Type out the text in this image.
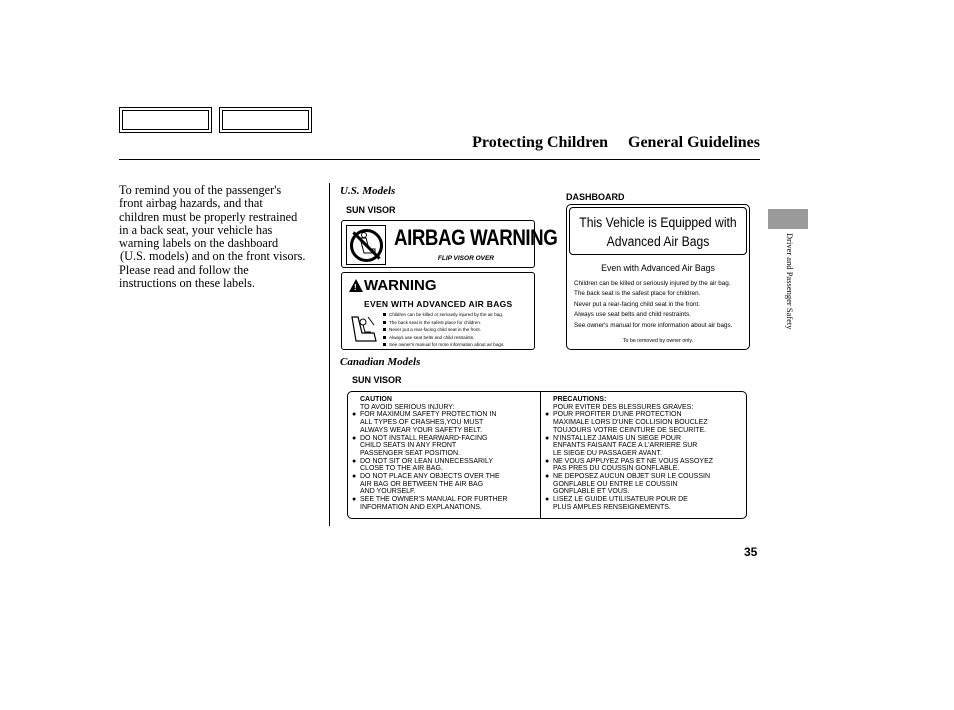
Protecting Children General Guidelines
To remind you of the passenger's
front airbag hazards, and that
children must be properly restrained
in a back seat, your vehicle has
warning labels on the dashboard
(U.S. models) and on the front visors.
Please read and follow the
instructions on these labels.
U.S. Models
SUN VISOR
AIRBAG WARNING
FLIP VISOR OVER
! WARNING
EVEN WITH ADVANCED AIR BAGS
Children can be killed or seriously injured by the air bag.
The back seat is the safest place for children.
Never put a rear-facing child seat in the front.
Always use seat belts and child restraints.
See owner's manual for more information about air bags.
DASHBOARD
This Vehicle is Equipped with
Advanced Air Bags
Even with Advanced Air Bags
Children can be killed or seriously injured by the air bag.
The back seat is the safest place for children.
Never put a rear-facing child seat in the front.
Always use seat belts and child restraints.
See owner's manual for more information about air bags.
To be removed by owner only.
Canadian Models
SUN VISOR
CAUTION
TO AVOID SERIOUS INJURY:
● FOR MAXIMUM SAFETY PROTECTION IN
ALL TYPES OF CRASHES,YOU MUST
ALWAYS WEAR YOUR SAFETY BELT.
● DO NOT INSTALL REARWARD-FACING
CHILD SEATS IN ANY FRONT
PASSENGER SEAT POSITION.
● DO NOT SIT OR LEAN UNNECESSARILY
CLOSE TO THE AIR BAG.
● DO NOT PLACE ANY OBJECTS OVER THE
AIR BAG OR BETWEEN THE AIR BAG
AND YOURSELF.
● SEE THE OWNER'S MANUAL FOR FURTHER
INFORMATION AND EXPLANATIONS.
PRECAUTIONS:
POUR EVITER DES BLESSURES GRAVES:
● POUR PROFITER D'UNE PROTECTION
MAXIMALE LORS D'UNE COLLISION BOUCLEZ
TOUJOURS VOTRE CEINTURE DE SECURITE.
● N'INSTALLEZ JAMAIS UN SIEGE POUR
ENFANTS FAISANT FACE A L'ARRIERE SUR
LE SIEGE DU PASSAGER AVANT.
● NE VOUS APPUYEZ PAS ET NE VOUS ASSOYEZ
PAS PRES DU COUSSIN GONFLABLE.
● NE DEPOSEZ AUCUN OBJET SUR LE COUSSIN
GONFLABLE OU ENTRE LE COUSSIN
GONFLABLE ET VOUS.
● LISEZ LE GUIDE UTILISATEUR POUR DE
PLUS AMPLES RENSEIGNEMENTS.
35
Driver and Passenger Safety
